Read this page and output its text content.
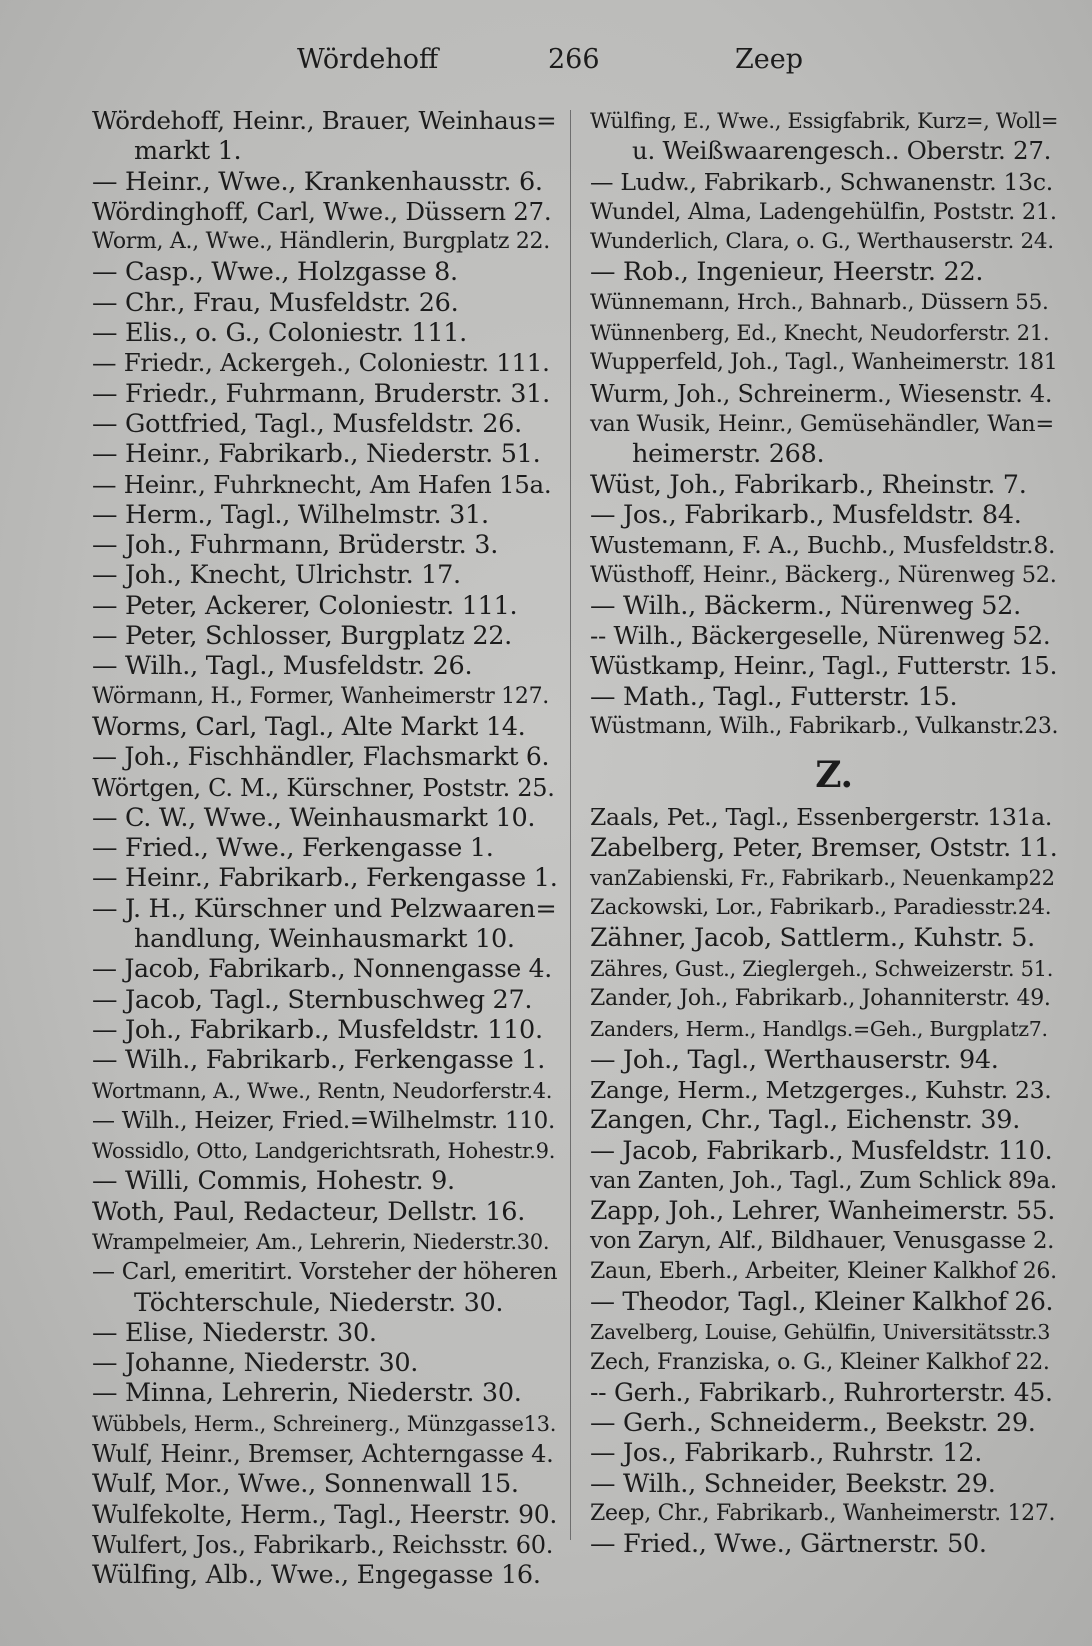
Wördehoff	266	Zeep
Wördehoff, Heinr., Brauer, Weinhaus=
markt 1.
— Heinr., Wwe., Krankenhausstr. 6.
Wördinghoff, Carl, Wwe., Düssern 27.
Worm, A., Wwe., Händlerin, Burgplatz 22.
— Casp., Wwe., Holzgasse 8.
— Chr., Frau, Musfeldstr. 26.
— Elis., o. G., Coloniestr. 111.
— Friedr., Ackergeh., Coloniestr. 111.
— Friedr., Fuhrmann, Bruderstr. 31.
— Gottfried, Tagl., Musfeldstr. 26.
— Heinr., Fabrikarb., Niederstr. 51.
— Heinr., Fuhrknecht, Am Hafen 15a.
— Herm., Tagl., Wilhelmstr. 31.
— Joh., Fuhrmann, Brüderstr. 3.
— Joh., Knecht, Ulrichstr. 17.
— Peter, Ackerer, Coloniestr. 111.
— Peter, Schlosser, Burgplatz 22.
— Wilh., Tagl., Musfeldstr. 26.
Wörmann, H., Former, Wanheimerstr 127.
Worms, Carl, Tagl., Alte Markt 14.
— Joh., Fischhändler, Flachsmarkt 6.
Wörtgen, C. M., Kürschner, Poststr. 25.
— C. W., Wwe., Weinhausmarkt 10.
— Fried., Wwe., Ferkengasse 1.
— Heinr., Fabrikarb., Ferkengasse 1.
— J. H., Kürschner und Pelzwaaren=
handlung, Weinhausmarkt 10.
— Jacob, Fabrikarb., Nonnengasse 4.
— Jacob, Tagl., Sternbuschweg 27.
— Joh., Fabrikarb., Musfeldstr. 110.
— Wilh., Fabrikarb., Ferkengasse 1.
Wortmann, A., Wwe., Rentn, Neudorferstr.4.
— Wilh., Heizer, Fried.=Wilhelmstr. 110.
Wossidlo, Otto, Landgerichtsrath, Hohestr.9.
— Willi, Commis, Hohestr. 9.
Woth, Paul, Redacteur, Dellstr. 16.
Wrampelmeier, Am., Lehrerin, Niederstr.30.
— Carl, emeritirt. Vorsteher der höheren
Töchterschule, Niederstr. 30.
— Elise, Niederstr. 30.
— Johanne, Niederstr. 30.
— Minna, Lehrerin, Niederstr. 30.
Wübbels, Herm., Schreinerg., Münzgasse13.
Wulf, Heinr., Bremser, Achterngasse 4.
Wulf, Mor., Wwe., Sonnenwall 15.
Wulfekolte, Herm., Tagl., Heerstr. 90.
Wulfert, Jos., Fabrikarb., Reichsstr. 60.
Wülfing, Alb., Wwe., Engegasse 16.
Wülfing, E., Wwe., Essigfabrik, Kurz=, Woll=
u. Weißwaarengesch.. Oberstr. 27.
— Ludw., Fabrikarb., Schwanenstr. 13c.
Wundel, Alma, Ladengehülfin, Poststr. 21.
Wunderlich, Clara, o. G., Werthauserstr. 24.
— Rob., Ingenieur, Heerstr. 22.
Wünnemann, Hrch., Bahnarb., Düssern 55.
Wünnenberg, Ed., Knecht, Neudorferstr. 21.
Wupperfeld, Joh., Tagl., Wanheimerstr. 181
Wurm, Joh., Schreinerm., Wiesenstr. 4.
van Wusik, Heinr., Gemüsehändler, Wan=
heimerstr. 268.
Wüst, Joh., Fabrikarb., Rheinstr. 7.
— Jos., Fabrikarb., Musfeldstr. 84.
Wustemann, F. A., Buchb., Musfeldstr.8.
Wüsthoff, Heinr., Bäckerg., Nürenweg 52.
— Wilh., Bäckerm., Nürenweg 52.
-- Wilh., Bäckergeselle, Nürenweg 52.
Wüstkamp, Heinr., Tagl., Futterstr. 15.
— Math., Tagl., Futterstr. 15.
Wüstmann, Wilh., Fabrikarb., Vulkanstr.23.
Z.
Zaals, Pet., Tagl., Essenbergerstr. 131a.
Zabelberg, Peter, Bremser, Oststr. 11.
vanZabienski, Fr., Fabrikarb., Neuenkamp22
Zackowski, Lor., Fabrikarb., Paradiesstr.24.
Zähner, Jacob, Sattlerm., Kuhstr. 5.
Zähres, Gust., Zieglergeh., Schweizerstr. 51.
Zander, Joh., Fabrikarb., Johanniterstr. 49.
Zanders, Herm., Handlgs.=Geh., Burgplatz7.
— Joh., Tagl., Werthauserstr. 94.
Zange, Herm., Metzgerges., Kuhstr. 23.
Zangen, Chr., Tagl., Eichenstr. 39.
— Jacob, Fabrikarb., Musfeldstr. 110.
van Zanten, Joh., Tagl., Zum Schlick 89a.
Zapp, Joh., Lehrer, Wanheimerstr. 55.
von Zaryn, Alf., Bildhauer, Venusgasse 2.
Zaun, Eberh., Arbeiter, Kleiner Kalkhof 26.
— Theodor, Tagl., Kleiner Kalkhof 26.
Zavelberg, Louise, Gehülfin, Universitätsstr.3
Zech, Franziska, o. G., Kleiner Kalkhof 22.
-- Gerh., Fabrikarb., Ruhrorterstr. 45.
— Gerh., Schneiderm., Beekstr. 29.
— Jos., Fabrikarb., Ruhrstr. 12.
— Wilh., Schneider, Beekstr. 29.
Zeep, Chr., Fabrikarb., Wanheimerstr. 127.
— Fried., Wwe., Gärtnerstr. 50.
